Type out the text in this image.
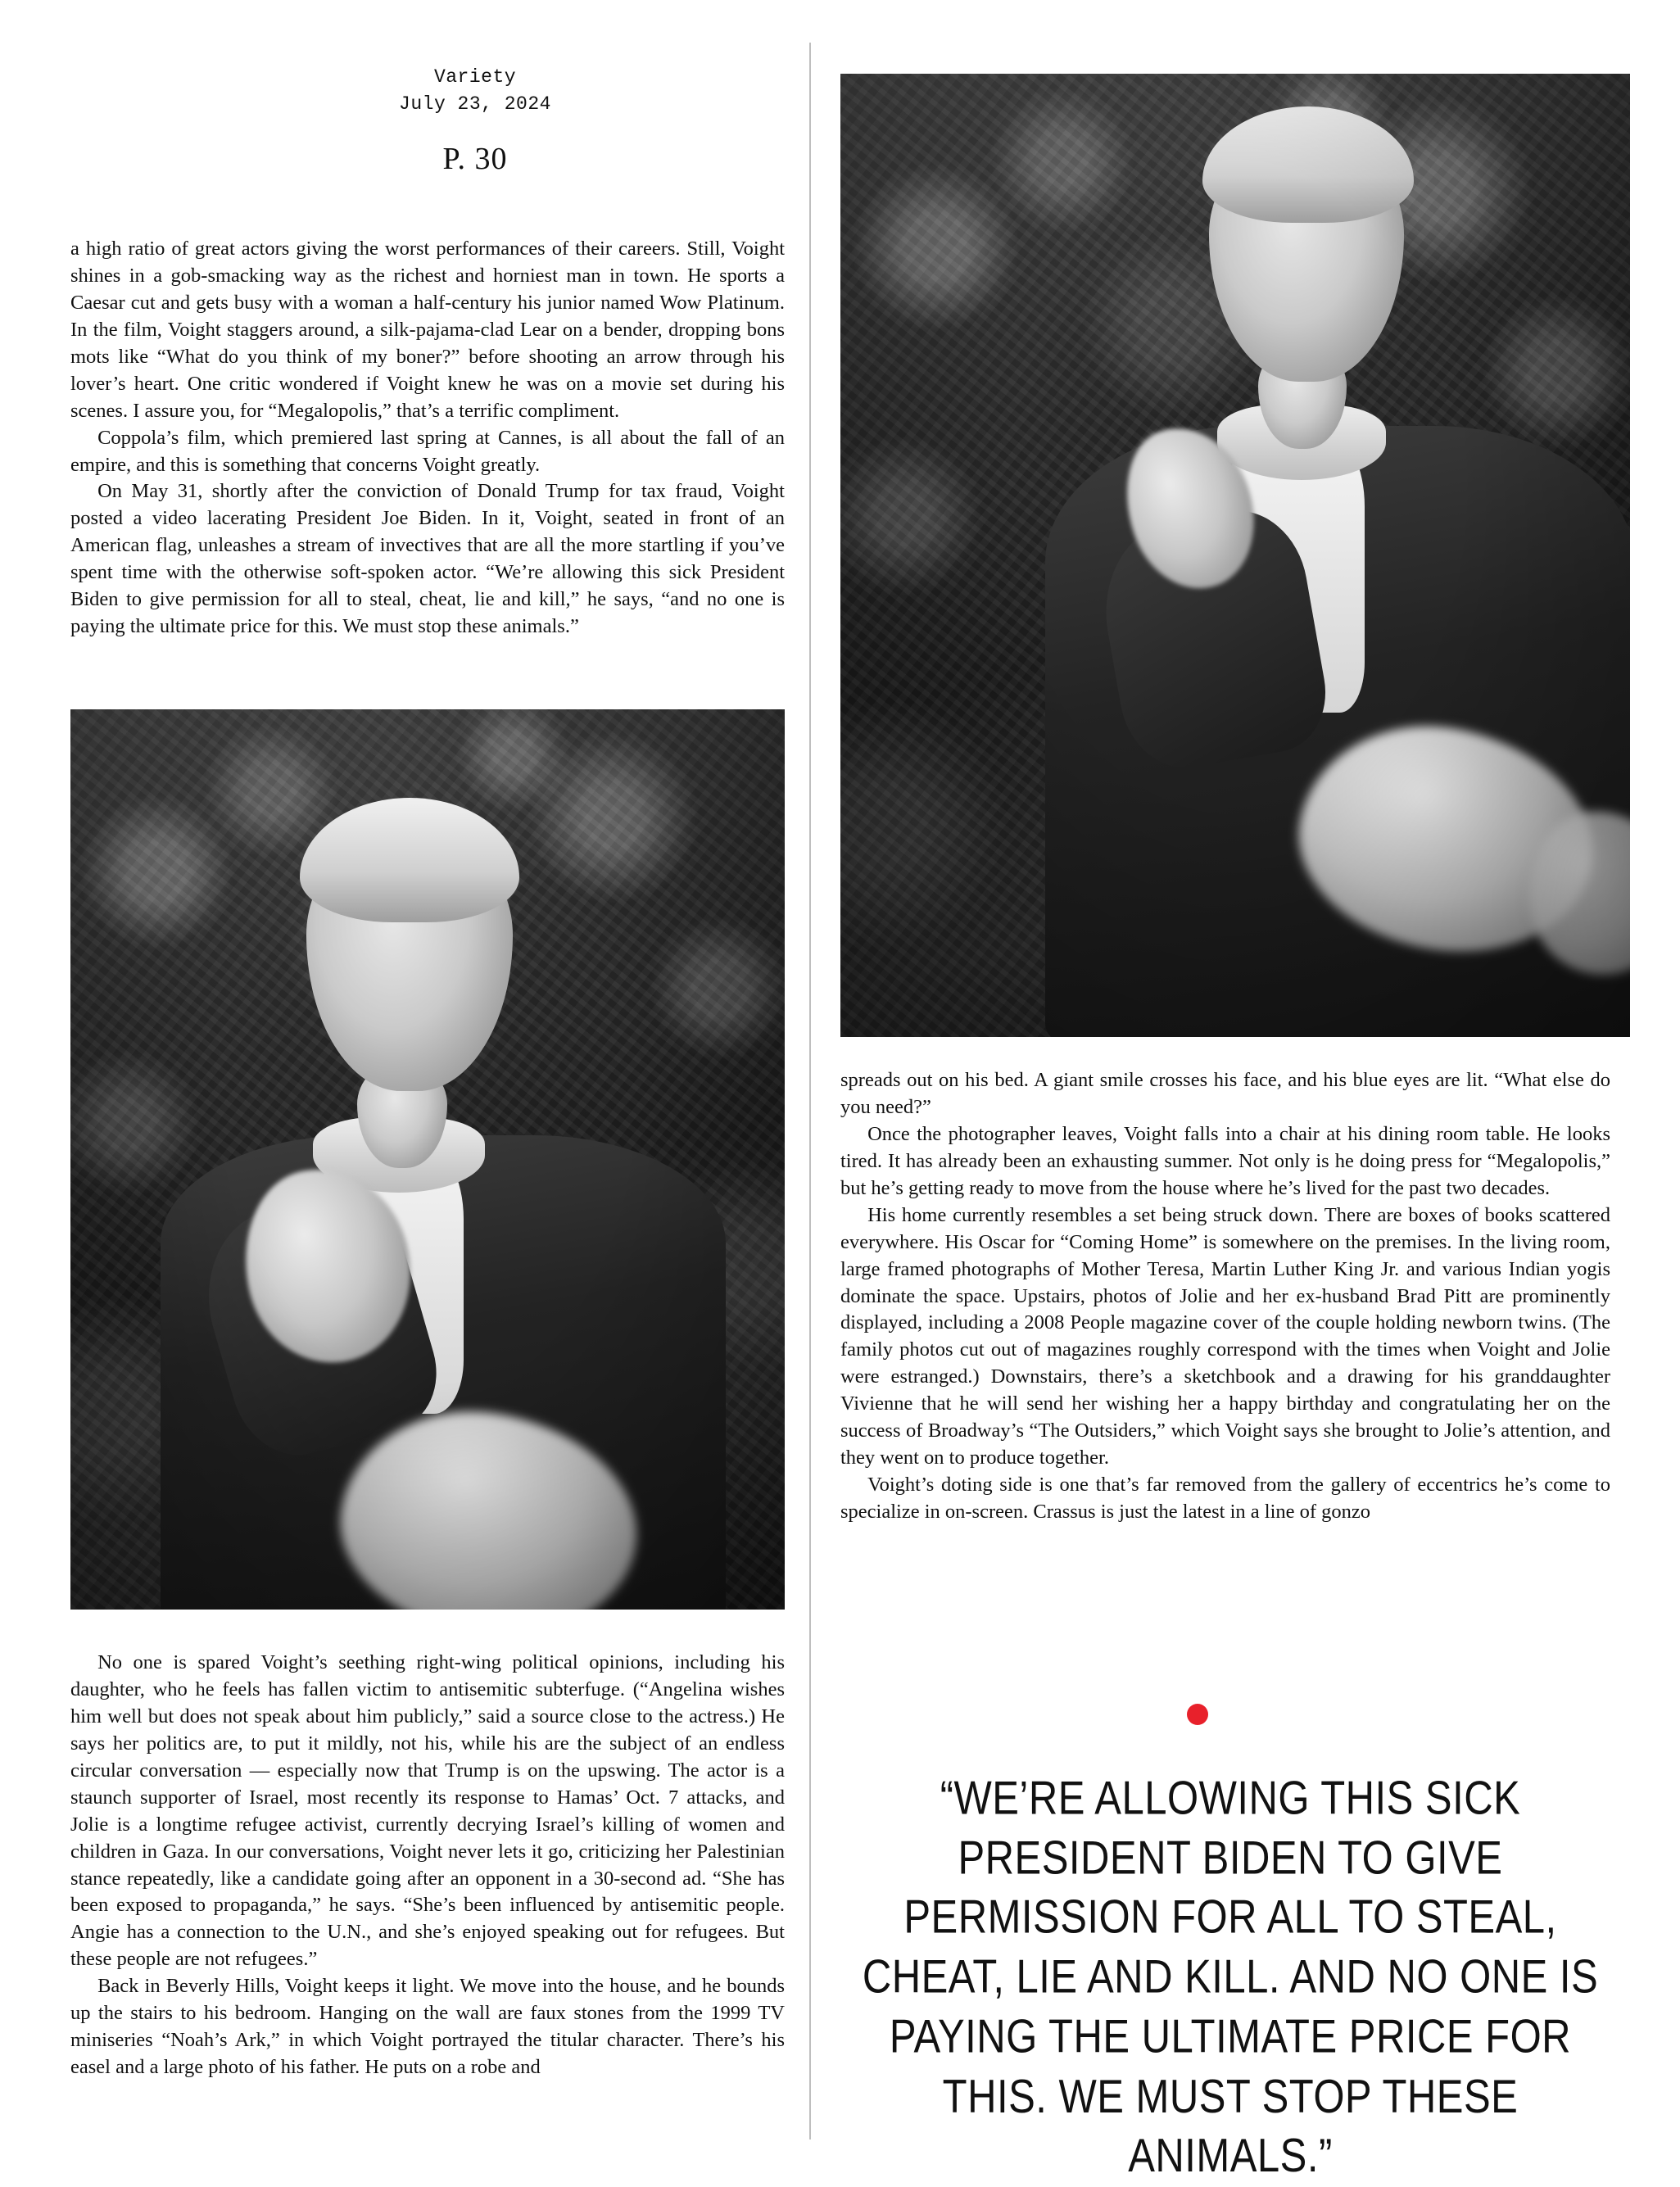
Variety
July 23, 2024
P. 30

a high ratio of great actors giving the worst performances of their careers. Still, Voight shines in a gob-smacking way as the richest and horniest man in town. He sports a Caesar cut and gets busy with a woman a half-century his junior named Wow Platinum. In the film, Voight staggers around, a silk-pajama-clad Lear on a bender, dropping bons mots like “What do you think of my boner?” before shooting an arrow through his lover’s heart. One critic wondered if Voight knew he was on a movie set during his scenes. I assure you, for “Megalopolis,” that’s a terrific compliment.

Coppola’s film, which premiered last spring at Cannes, is all about the fall of an empire, and this is something that concerns Voight greatly.

On May 31, shortly after the conviction of Donald Trump for tax fraud, Voight posted a video lacerating President Joe Biden. In it, Voight, seated in front of an American flag, unleashes a stream of invectives that are all the more startling if you’ve spent time with the otherwise soft-spoken actor. “We’re allowing this sick President Biden to give permission for all to steal, cheat, lie and kill,” he says, “and no one is paying the ultimate price for this. We must stop these animals.”

No one is spared Voight’s seething right-wing political opinions, including his daughter, who he feels has fallen victim to antisemitic subterfuge. (“Angelina wishes him well but does not speak about him publicly,” said a source close to the actress.) He says her politics are, to put it mildly, not his, while his are the subject of an endless circular conversation — especially now that Trump is on the upswing. The actor is a staunch supporter of Israel, most recently its response to Hamas’ Oct. 7 attacks, and Jolie is a longtime refugee activist, currently decrying Israel’s killing of women and children in Gaza. In our conversations, Voight never lets it go, criticizing her Palestinian stance repeatedly, like a candidate going after an opponent in a 30-second ad. “She has been exposed to propaganda,” he says. “She’s been influenced by antisemitic people. Angie has a connection to the U.N., and she’s enjoyed speaking out for refugees. But these people are not refugees.”

Back in Beverly Hills, Voight keeps it light. We move into the house, and he bounds up the stairs to his bedroom. Hanging on the wall are faux stones from the 1999 TV miniseries “Noah’s Ark,” in which Voight portrayed the titular character. There’s his easel and a large photo of his father. He puts on a robe and

spreads out on his bed. A giant smile crosses his face, and his blue eyes are lit. “What else do you need?”

Once the photographer leaves, Voight falls into a chair at his dining room table. He looks tired. It has already been an exhausting summer. Not only is he doing press for “Megalopolis,” but he’s getting ready to move from the house where he’s lived for the past two decades.

His home currently resembles a set being struck down. There are boxes of books scattered everywhere. His Oscar for “Coming Home” is somewhere on the premises. In the living room, large framed photographs of Mother Teresa, Martin Luther King Jr. and various Indian yogis dominate the space. Upstairs, photos of Jolie and her ex-husband Brad Pitt are prominently displayed, including a 2008 People magazine cover of the couple holding newborn twins. (The family photos cut out of magazines roughly correspond with the times when Voight and Jolie were estranged.) Downstairs, there’s a sketchbook and a drawing for his granddaughter Vivienne that he will send her wishing her a happy birthday and congratulating her on the success of Broadway’s “The Outsiders,” which Voight says she brought to Jolie’s attention, and they went on to produce together.

Voight’s doting side is one that’s far removed from the gallery of eccentrics he’s come to specialize in on-screen. Crassus is just the latest in a line of gonzo

“WE’RE ALLOWING THIS SICK PRESIDENT BIDEN TO GIVE PERMISSION FOR ALL TO STEAL, CHEAT, LIE AND KILL. AND NO ONE IS PAYING THE ULTIMATE PRICE FOR THIS. WE MUST STOP THESE ANIMALS.”
